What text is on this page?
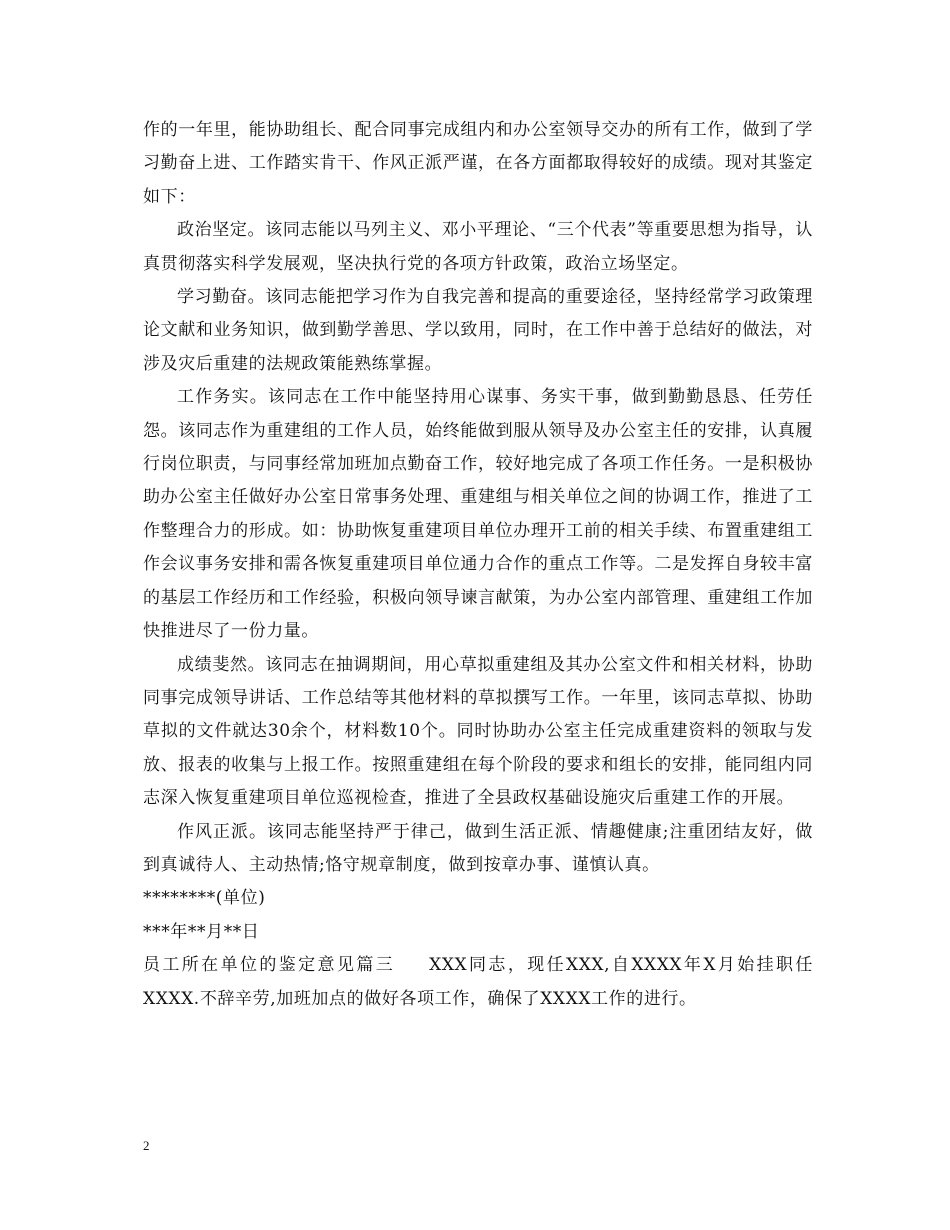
作的一年里，能协助组长、配合同事完成组内和办公室领导交办的所有工作，做到了学习勤奋上进、工作踏实肯干、作风正派严谨，在各方面都取得较好的成绩。现对其鉴定如下：

政治坚定。该同志能以马列主义、邓小平理论、“三个代表”等重要思想为指导，认真贯彻落实科学发展观，坚决执行党的各项方针政策，政治立场坚定。

学习勤奋。该同志能把学习作为自我完善和提高的重要途径，坚持经常学习政策理论文献和业务知识，做到勤学善思、学以致用，同时，在工作中善于总结好的做法，对涉及灾后重建的法规政策能熟练掌握。

工作务实。该同志在工作中能坚持用心谋事、务实干事，做到勤勤恳恳、任劳任怨。该同志作为重建组的工作人员，始终能做到服从领导及办公室主任的安排，认真履行岗位职责，与同事经常加班加点勤奋工作，较好地完成了各项工作任务。一是积极协助办公室主任做好办公室日常事务处理、重建组与相关单位之间的协调工作，推进了工作整理合力的形成。如：协助恢复重建项目单位办理开工前的相关手续、布置重建组工作会议事务安排和需各恢复重建项目单位通力合作的重点工作等。二是发挥自身较丰富的基层工作经历和工作经验，积极向领导谏言献策，为办公室内部管理、重建组工作加快推进尽了一份力量。

成绩斐然。该同志在抽调期间，用心草拟重建组及其办公室文件和相关材料，协助同事完成领导讲话、工作总结等其他材料的草拟撰写工作。一年里，该同志草拟、协助草拟的文件就达30余个，材料数10个。同时协助办公室主任完成重建资料的领取与发放、报表的收集与上报工作。按照重建组在每个阶段的要求和组长的安排，能同组内同志深入恢复重建项目单位巡视检查，推进了全县政权基础设施灾后重建工作的开展。

作风正派。该同志能坚持严于律己，做到生活正派、情趣健康;注重团结友好，做到真诚待人、主动热情;恪守规章制度，做到按章办事、谨慎认真。

********(单位)

***年**月**日

员工所在单位的鉴定意见篇三 XXX同志，现任XXX,自XXXX年X月始挂职任XXXX.不辞辛劳,加班加点的做好各项工作，确保了XXXX工作的进行。

2
